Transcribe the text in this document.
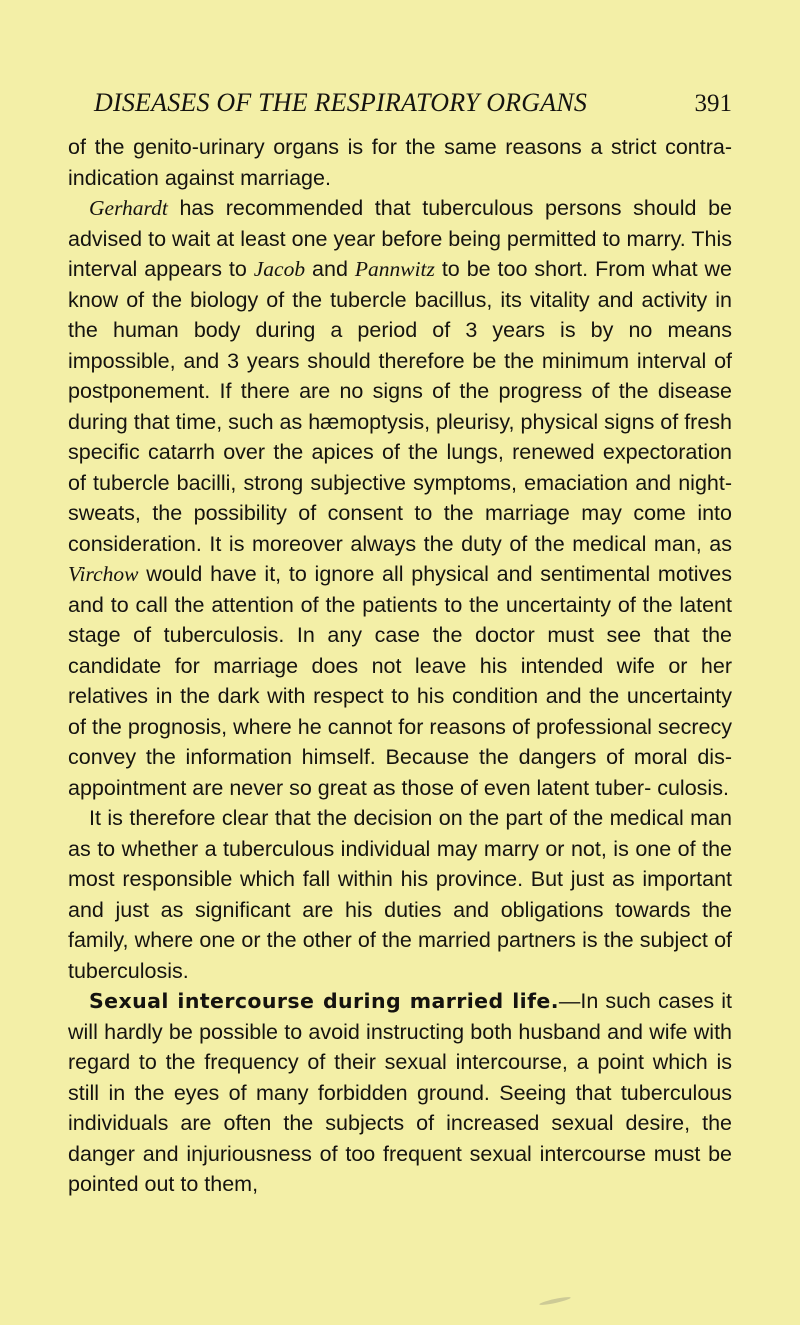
DISEASES OF THE RESPIRATORY ORGANS	391

of the genito-urinary organs is for the same reasons a strict contra-indication against marriage.

Gerhardt has recommended that tuberculous persons should be advised to wait at least one year before being permitted to marry. This interval appears to Jacob and Pannwitz to be too short. From what we know of the biology of the tubercle bacillus, its vitality and activity in the human body during a period of 3 years is by no means impossible, and 3 years should therefore be the minimum interval of postponement. If there are no signs of the progress of the disease during that time, such as hæmoptysis, pleurisy, physical signs of fresh specific catarrh over the apices of the lungs, renewed expectoration of tubercle bacilli, strong subjective symptoms, emaciation and night-sweats, the possibility of consent to the marriage may come into consideration. It is moreover always the duty of the medical man, as Virchow would have it, to ignore all physical and sentimental motives and to call the attention of the patients to the uncertainty of the latent stage of tuberculosis. In any case the doctor must see that the candidate for marriage does not leave his intended wife or her relatives in the dark with respect to his condition and the uncertainty of the prognosis, where he cannot for reasons of professional secrecy convey the information himself. Because the dangers of moral dis- appointment are never so great as those of even latent tuber- culosis.

It is therefore clear that the decision on the part of the medical man as to whether a tuberculous individual may marry or not, is one of the most responsible which fall within his province. But just as important and just as significant are his duties and obligations towards the family, where one or the other of the married partners is the subject of tuberculosis.

Sexual intercourse during married life.—In such cases it will hardly be possible to avoid instructing both husband and wife with regard to the frequency of their sexual intercourse, a point which is still in the eyes of many forbidden ground. Seeing that tuberculous individuals are often the subjects of increased sexual desire, the danger and injuriousness of too frequent sexual intercourse must be pointed out to them,
